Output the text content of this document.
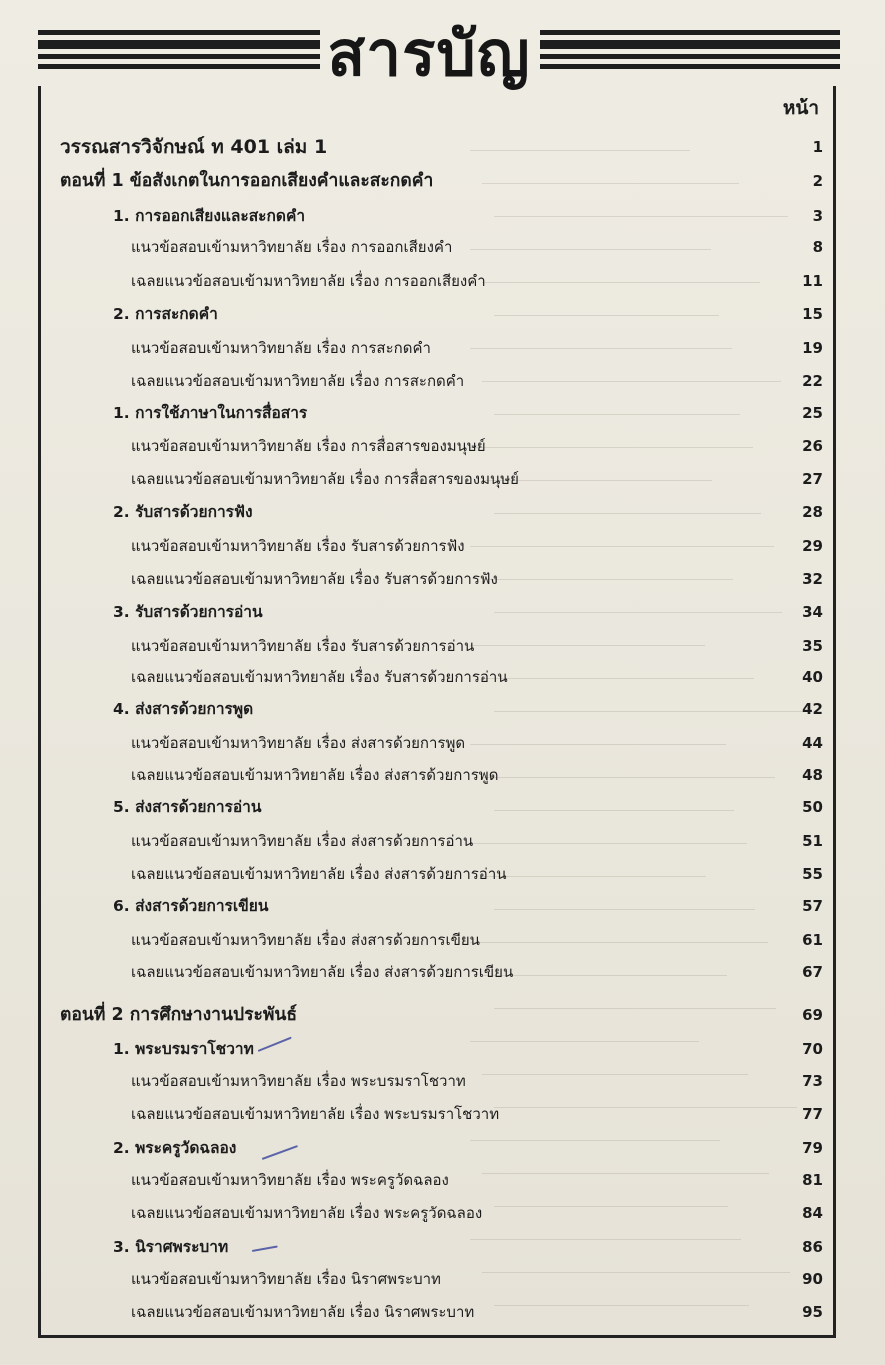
สารบัญ
หน้า
วรรณสารวิจักษณ์ ท 401 เล่ม 1	1
ตอนที่ 1 ข้อสังเกตในการออกเสียงคำและสะกดคำ	2
1. การออกเสียงและสะกดคำ	3
แนวข้อสอบเข้ามหาวิทยาลัย เรื่อง การออกเสียงคำ	8
เฉลยแนวข้อสอบเข้ามหาวิทยาลัย เรื่อง การออกเสียงคำ	11
2. การสะกดคำ	15
แนวข้อสอบเข้ามหาวิทยาลัย เรื่อง การสะกดคำ	19
เฉลยแนวข้อสอบเข้ามหาวิทยาลัย เรื่อง การสะกดคำ	22
1. การใช้ภาษาในการสื่อสาร	25
แนวข้อสอบเข้ามหาวิทยาลัย เรื่อง การสื่อสารของมนุษย์	26
เฉลยแนวข้อสอบเข้ามหาวิทยาลัย เรื่อง การสื่อสารของมนุษย์	27
2. รับสารด้วยการฟัง	28
แนวข้อสอบเข้ามหาวิทยาลัย เรื่อง รับสารด้วยการฟัง	29
เฉลยแนวข้อสอบเข้ามหาวิทยาลัย เรื่อง รับสารด้วยการฟัง	32
3. รับสารด้วยการอ่าน	34
แนวข้อสอบเข้ามหาวิทยาลัย เรื่อง รับสารด้วยการอ่าน	35
เฉลยแนวข้อสอบเข้ามหาวิทยาลัย เรื่อง รับสารด้วยการอ่าน	40
4. ส่งสารด้วยการพูด	42
แนวข้อสอบเข้ามหาวิทยาลัย เรื่อง ส่งสารด้วยการพูด	44
เฉลยแนวข้อสอบเข้ามหาวิทยาลัย เรื่อง ส่งสารด้วยการพูด	48
5. ส่งสารด้วยการอ่าน	50
แนวข้อสอบเข้ามหาวิทยาลัย เรื่อง ส่งสารด้วยการอ่าน	51
เฉลยแนวข้อสอบเข้ามหาวิทยาลัย เรื่อง ส่งสารด้วยการอ่าน	55
6. ส่งสารด้วยการเขียน	57
แนวข้อสอบเข้ามหาวิทยาลัย เรื่อง ส่งสารด้วยการเขียน	61
เฉลยแนวข้อสอบเข้ามหาวิทยาลัย เรื่อง ส่งสารด้วยการเขียน	67
ตอนที่ 2 การศึกษางานประพันธ์	69
1. พระบรมราโชวาท	70
แนวข้อสอบเข้ามหาวิทยาลัย เรื่อง พระบรมราโชวาท	73
เฉลยแนวข้อสอบเข้ามหาวิทยาลัย เรื่อง พระบรมราโชวาท	77
2. พระครูวัดฉลอง	79
แนวข้อสอบเข้ามหาวิทยาลัย เรื่อง พระครูวัดฉลอง	81
เฉลยแนวข้อสอบเข้ามหาวิทยาลัย เรื่อง พระครูวัดฉลอง	84
3. นิราศพระบาท	86
แนวข้อสอบเข้ามหาวิทยาลัย เรื่อง นิราศพระบาท	90
เฉลยแนวข้อสอบเข้ามหาวิทยาลัย เรื่อง นิราศพระบาท	95
